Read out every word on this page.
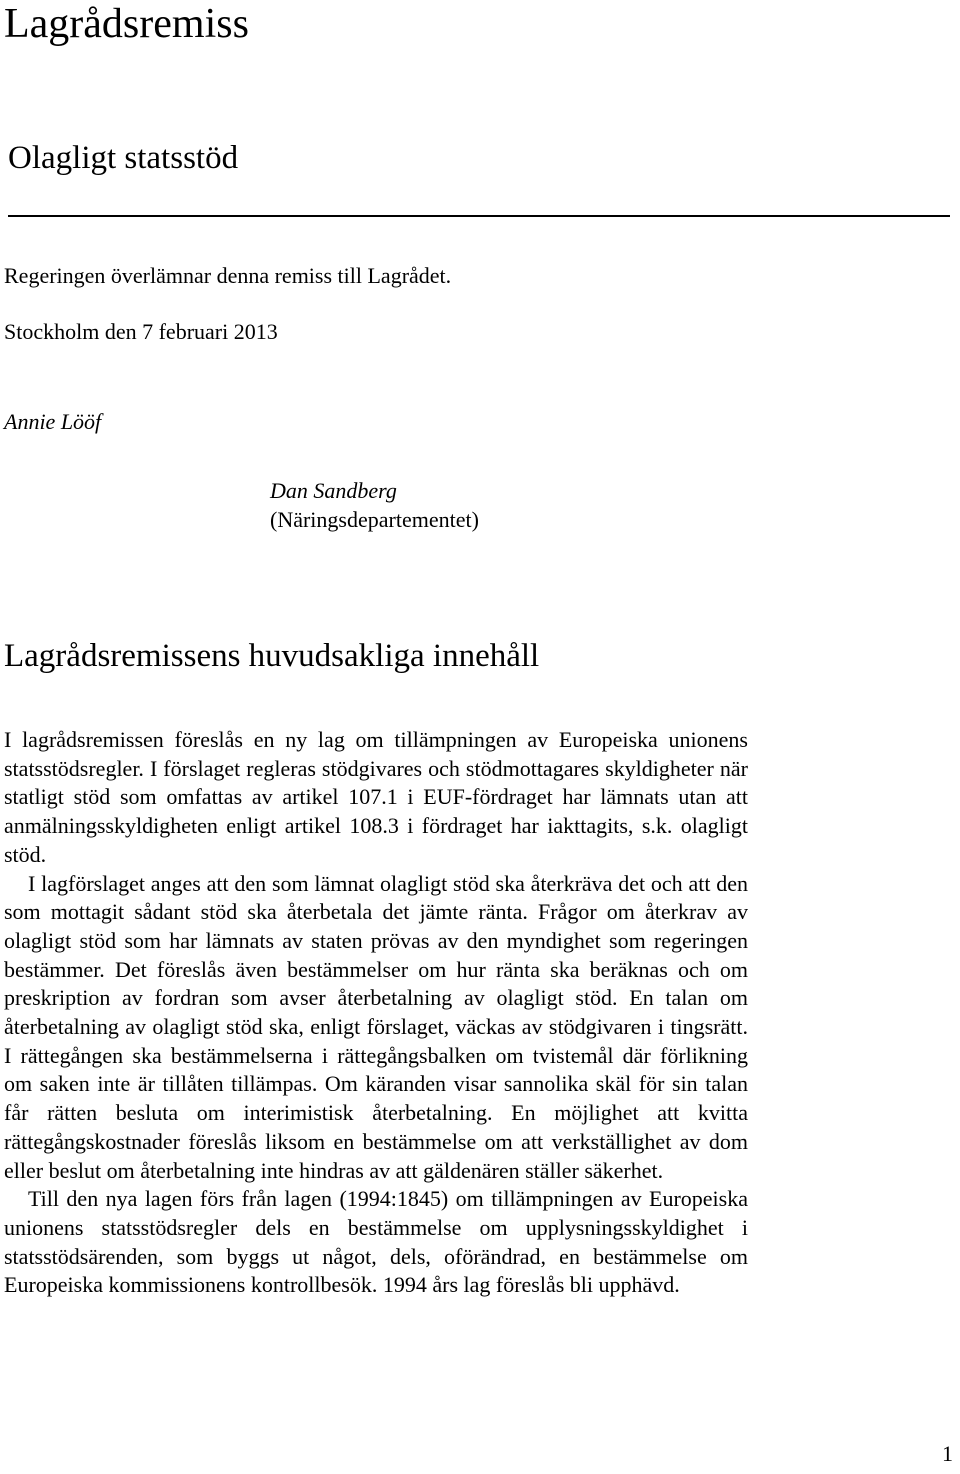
Lagrådsremiss
Olagligt statsstöd
Regeringen överlämnar denna remiss till Lagrådet.
Stockholm den 7 februari 2013
Annie Lööf
Dan Sandberg
(Näringsdepartementet)
Lagrådsremissens huvudsakliga innehåll

I lagrådsremissen föreslås en ny lag om tillämpningen av Europeiska unionens statsstödsregler. I förslaget regleras stödgivares och stödmottagares skyldigheter när statligt stöd som omfattas av artikel 107.1 i EUF-fördraget har lämnats utan att anmälningsskyldigheten enligt artikel 108.3 i fördraget har iakttagits, s.k. olagligt stöd.

I lagförslaget anges att den som lämnat olagligt stöd ska återkräva det och att den som mottagit sådant stöd ska återbetala det jämte ränta. Frågor om återkrav av olagligt stöd som har lämnats av staten prövas av den myndighet som regeringen bestämmer. Det föreslås även bestämmelser om hur ränta ska beräknas och om preskription av fordran som avser återbetalning av olagligt stöd. En talan om återbetalning av olagligt stöd ska, enligt förslaget, väckas av stödgivaren i tingsrätt. I rättegången ska bestämmelserna i rättegångsbalken om tvistemål där förlikning om saken inte är tillåten tillämpas. Om käranden visar sannolika skäl för sin talan får rätten besluta om interimistisk återbetalning. En möjlighet att kvitta rättegångskostnader föreslås liksom en bestämmelse om att verkställighet av dom eller beslut om återbetalning inte hindras av att gäldenären ställer säkerhet.

Till den nya lagen förs från lagen (1994:1845) om tillämpningen av Europeiska unionens statsstödsregler dels en bestämmelse om upplysningsskyldighet i statsstödsärenden, som byggs ut något, dels, oförändrad, en bestämmelse om Europeiska kommissionens kontrollbesök. 1994 års lag föreslås bli upphävd.

1
